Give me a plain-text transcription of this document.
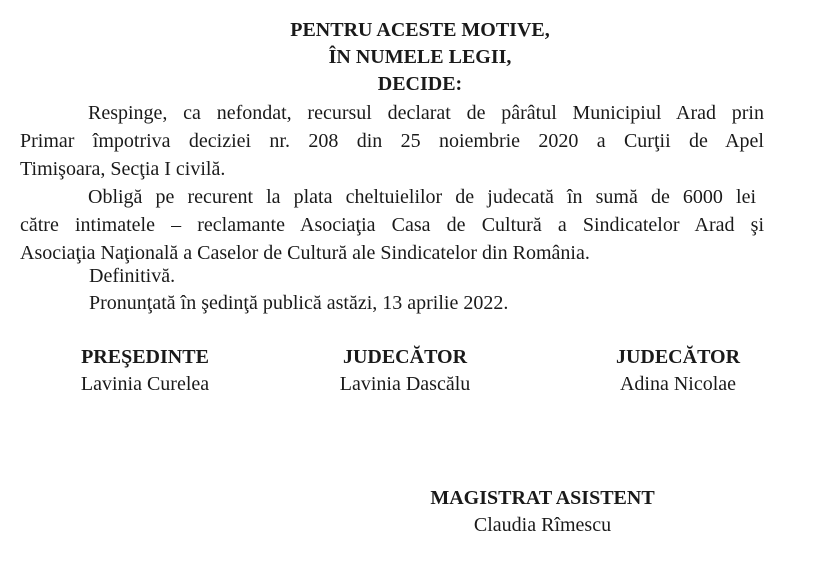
PENTRU ACESTE MOTIVE,
ÎN NUMELE LEGII,
DECIDE:
Respinge, ca nefondat, recursul declarat de pârâtul Municipiul Arad prin
Primar împotriva deciziei nr. 208 din 25 noiembrie 2020 a Curţii de Apel
Timişoara, Secţia I civilă.
Obligă pe recurent la plata cheltuielilor de judecată în sumă de 6000 lei
către intimatele – reclamante Asociaţia Casa de Cultură a Sindicatelor Arad şi
Asociaţia Naţională a Caselor de Cultură ale Sindicatelor din România.
Definitivă.
Pronunţată în şedinţă publică astăzi, 13 aprilie 2022.
PREŞEDINTE
Lavinia Curelea
JUDECĂTOR
Lavinia Dascălu
JUDECĂTOR
Adina Nicolae
MAGISTRAT ASISTENT
Claudia Rîmescu
